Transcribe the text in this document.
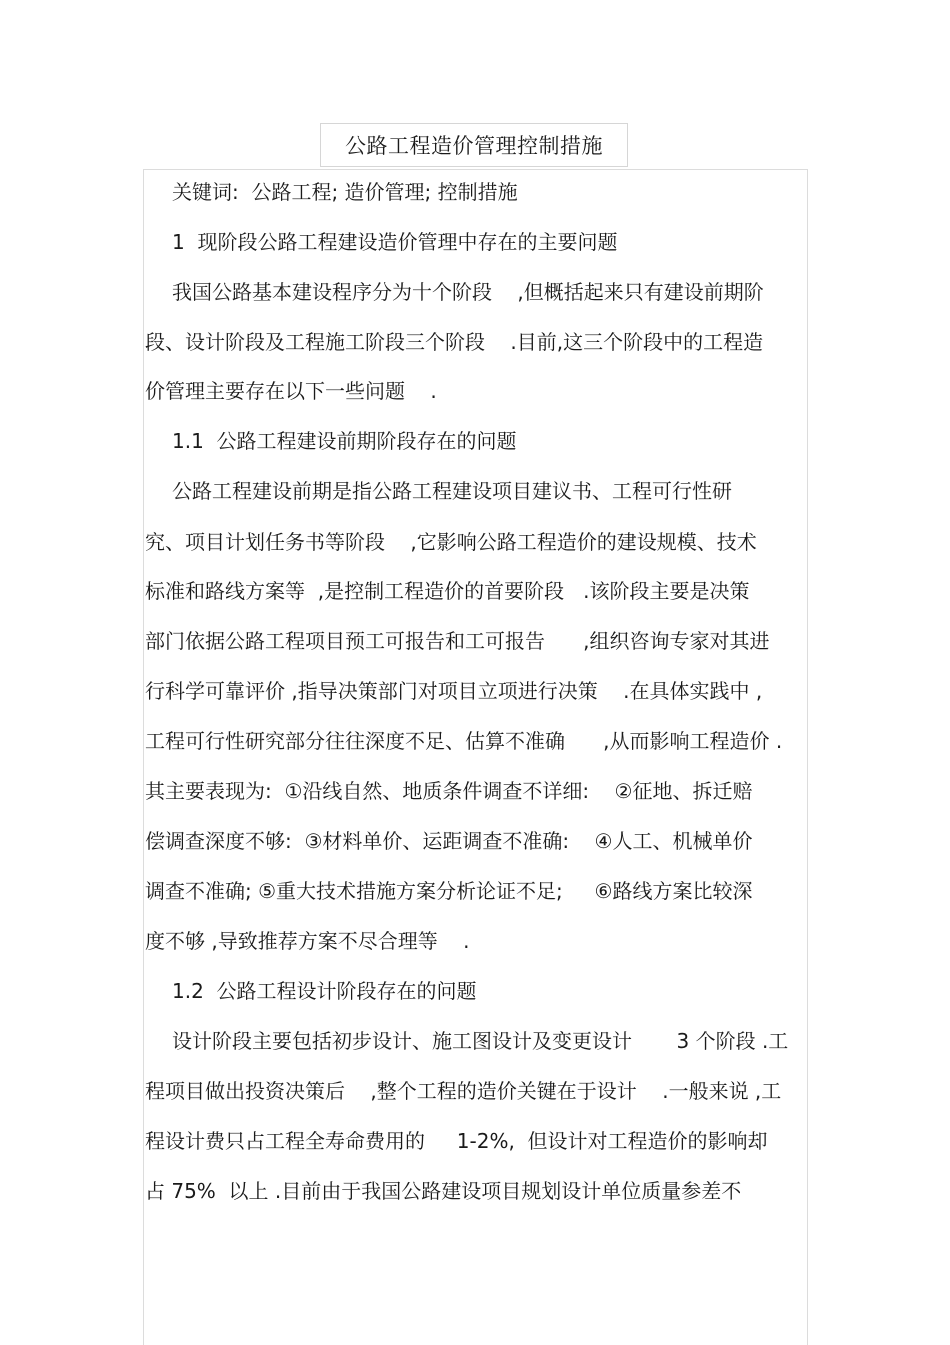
公路工程造价管理控制措施
关键词:  公路工程; 造价管理; 控制措施
1  现阶段公路工程建设造价管理中存在的主要问题
我国公路基本建设程序分为十个阶段    ,但概括起来只有建设前期阶
段、设计阶段及工程施工阶段三个阶段    .目前,这三个阶段中的工程造
价管理主要存在以下一些问题    .
1.1  公路工程建设前期阶段存在的问题
公路工程建设前期是指公路工程建设项目建议书、工程可行性研
究、项目计划任务书等阶段    ,它影响公路工程造价的建设规模、技术
标准和路线方案等  ,是控制工程造价的首要阶段   .该阶段主要是决策
部门依据公路工程项目预工可报告和工可报告      ,组织咨询专家对其进
行科学可靠评价 ,指导决策部门对项目立项进行决策    .在具体实践中 ,
工程可行性研究部分往往深度不足、估算不准确      ,从而影响工程造价 .
其主要表现为:  ①沿线自然、地质条件调查不详细:    ②征地、拆迁赔
偿调查深度不够:  ③材料单价、运距调查不准确:    ④人工、机械单价
调查不准确; ⑤重大技术措施方案分析论证不足;     ⑥路线方案比较深
度不够 ,导致推荐方案不尽合理等    .
1.2  公路工程设计阶段存在的问题
设计阶段主要包括初步设计、施工图设计及变更设计       3 个阶段 .工
程项目做出投资决策后    ,整个工程的造价关键在于设计    .一般来说 ,工
程设计费只占工程全寿命费用的     1-2%,  但设计对工程造价的影响却
占 75%  以上 .目前由于我国公路建设项目规划设计单位质量参差不
